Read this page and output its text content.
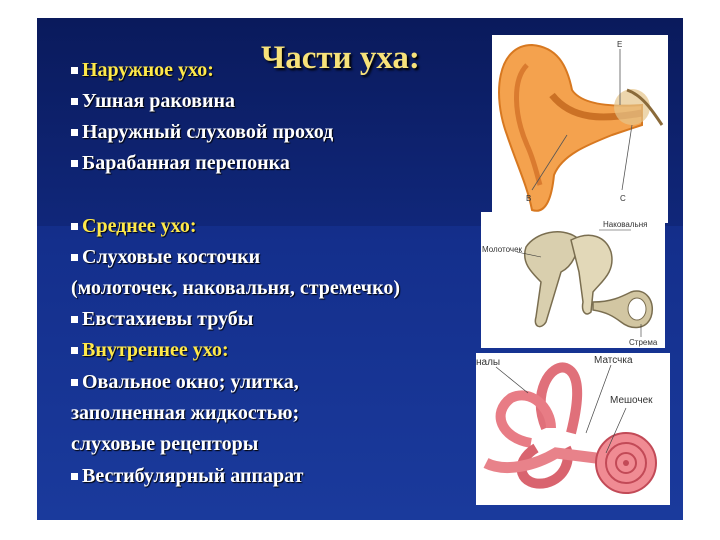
Части уха:
Наружное ухо:
Ушная раковина
Наружный слуховой проход
Барабанная перепонка
Среднее ухо:
Слуховые косточки
(молоточек, наковальня, стремечко)
Евстахиевы трубы
Внутреннее ухо:
Овальное окно; улитка,
заполненная жидкостью;
слуховые рецепторы
Вестибулярный аппарат
E
B	C
Молоточек
Наковальня
Стрема
налы	Матсчка
Мешочек
